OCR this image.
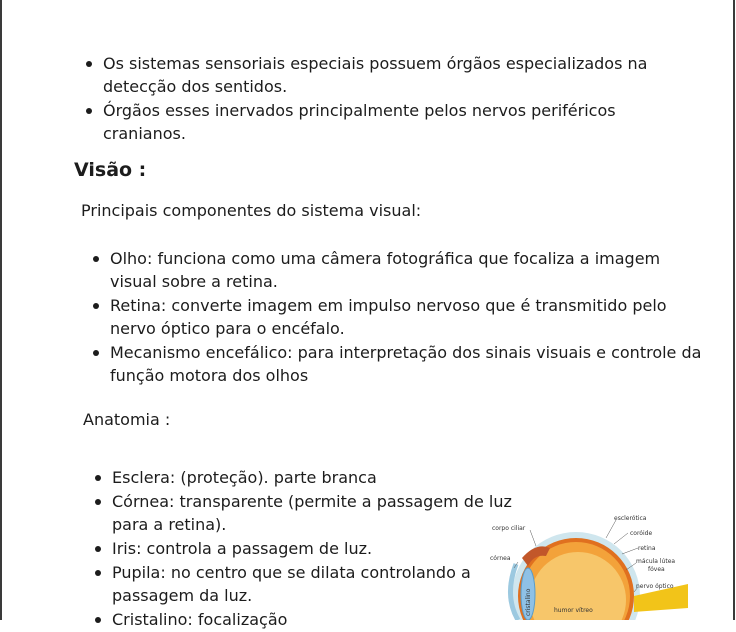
Os sistemas sensoriais especiais possuem órgãos especializados na detecção dos sentidos.
Órgãos esses inervados principalmente pelos nervos periféricos cranianos.
Visão :
Principais componentes do sistema visual:
Olho: funciona como uma câmera fotográfica que focaliza a imagem visual sobre a retina.
Retina: converte imagem em impulso nervoso que é transmitido pelo nervo óptico para o encéfalo.
Mecanismo encefálico: para interpretação dos sinais visuais e controle da função motora dos olhos
Anatomia :
Esclera: (proteção). parte branca
Córnea: transparente (permite a passagem de luz para a retina).
Iris: controla a passagem de luz.
Pupila: no centro que se dilata controlando a passagem da luz.
Cristalino: focalização
corpo ciliar
córnea
esclerótica
coróide
retina
mácula lútea
fóvea
nervo óptico
cristalino	humor vítreo
